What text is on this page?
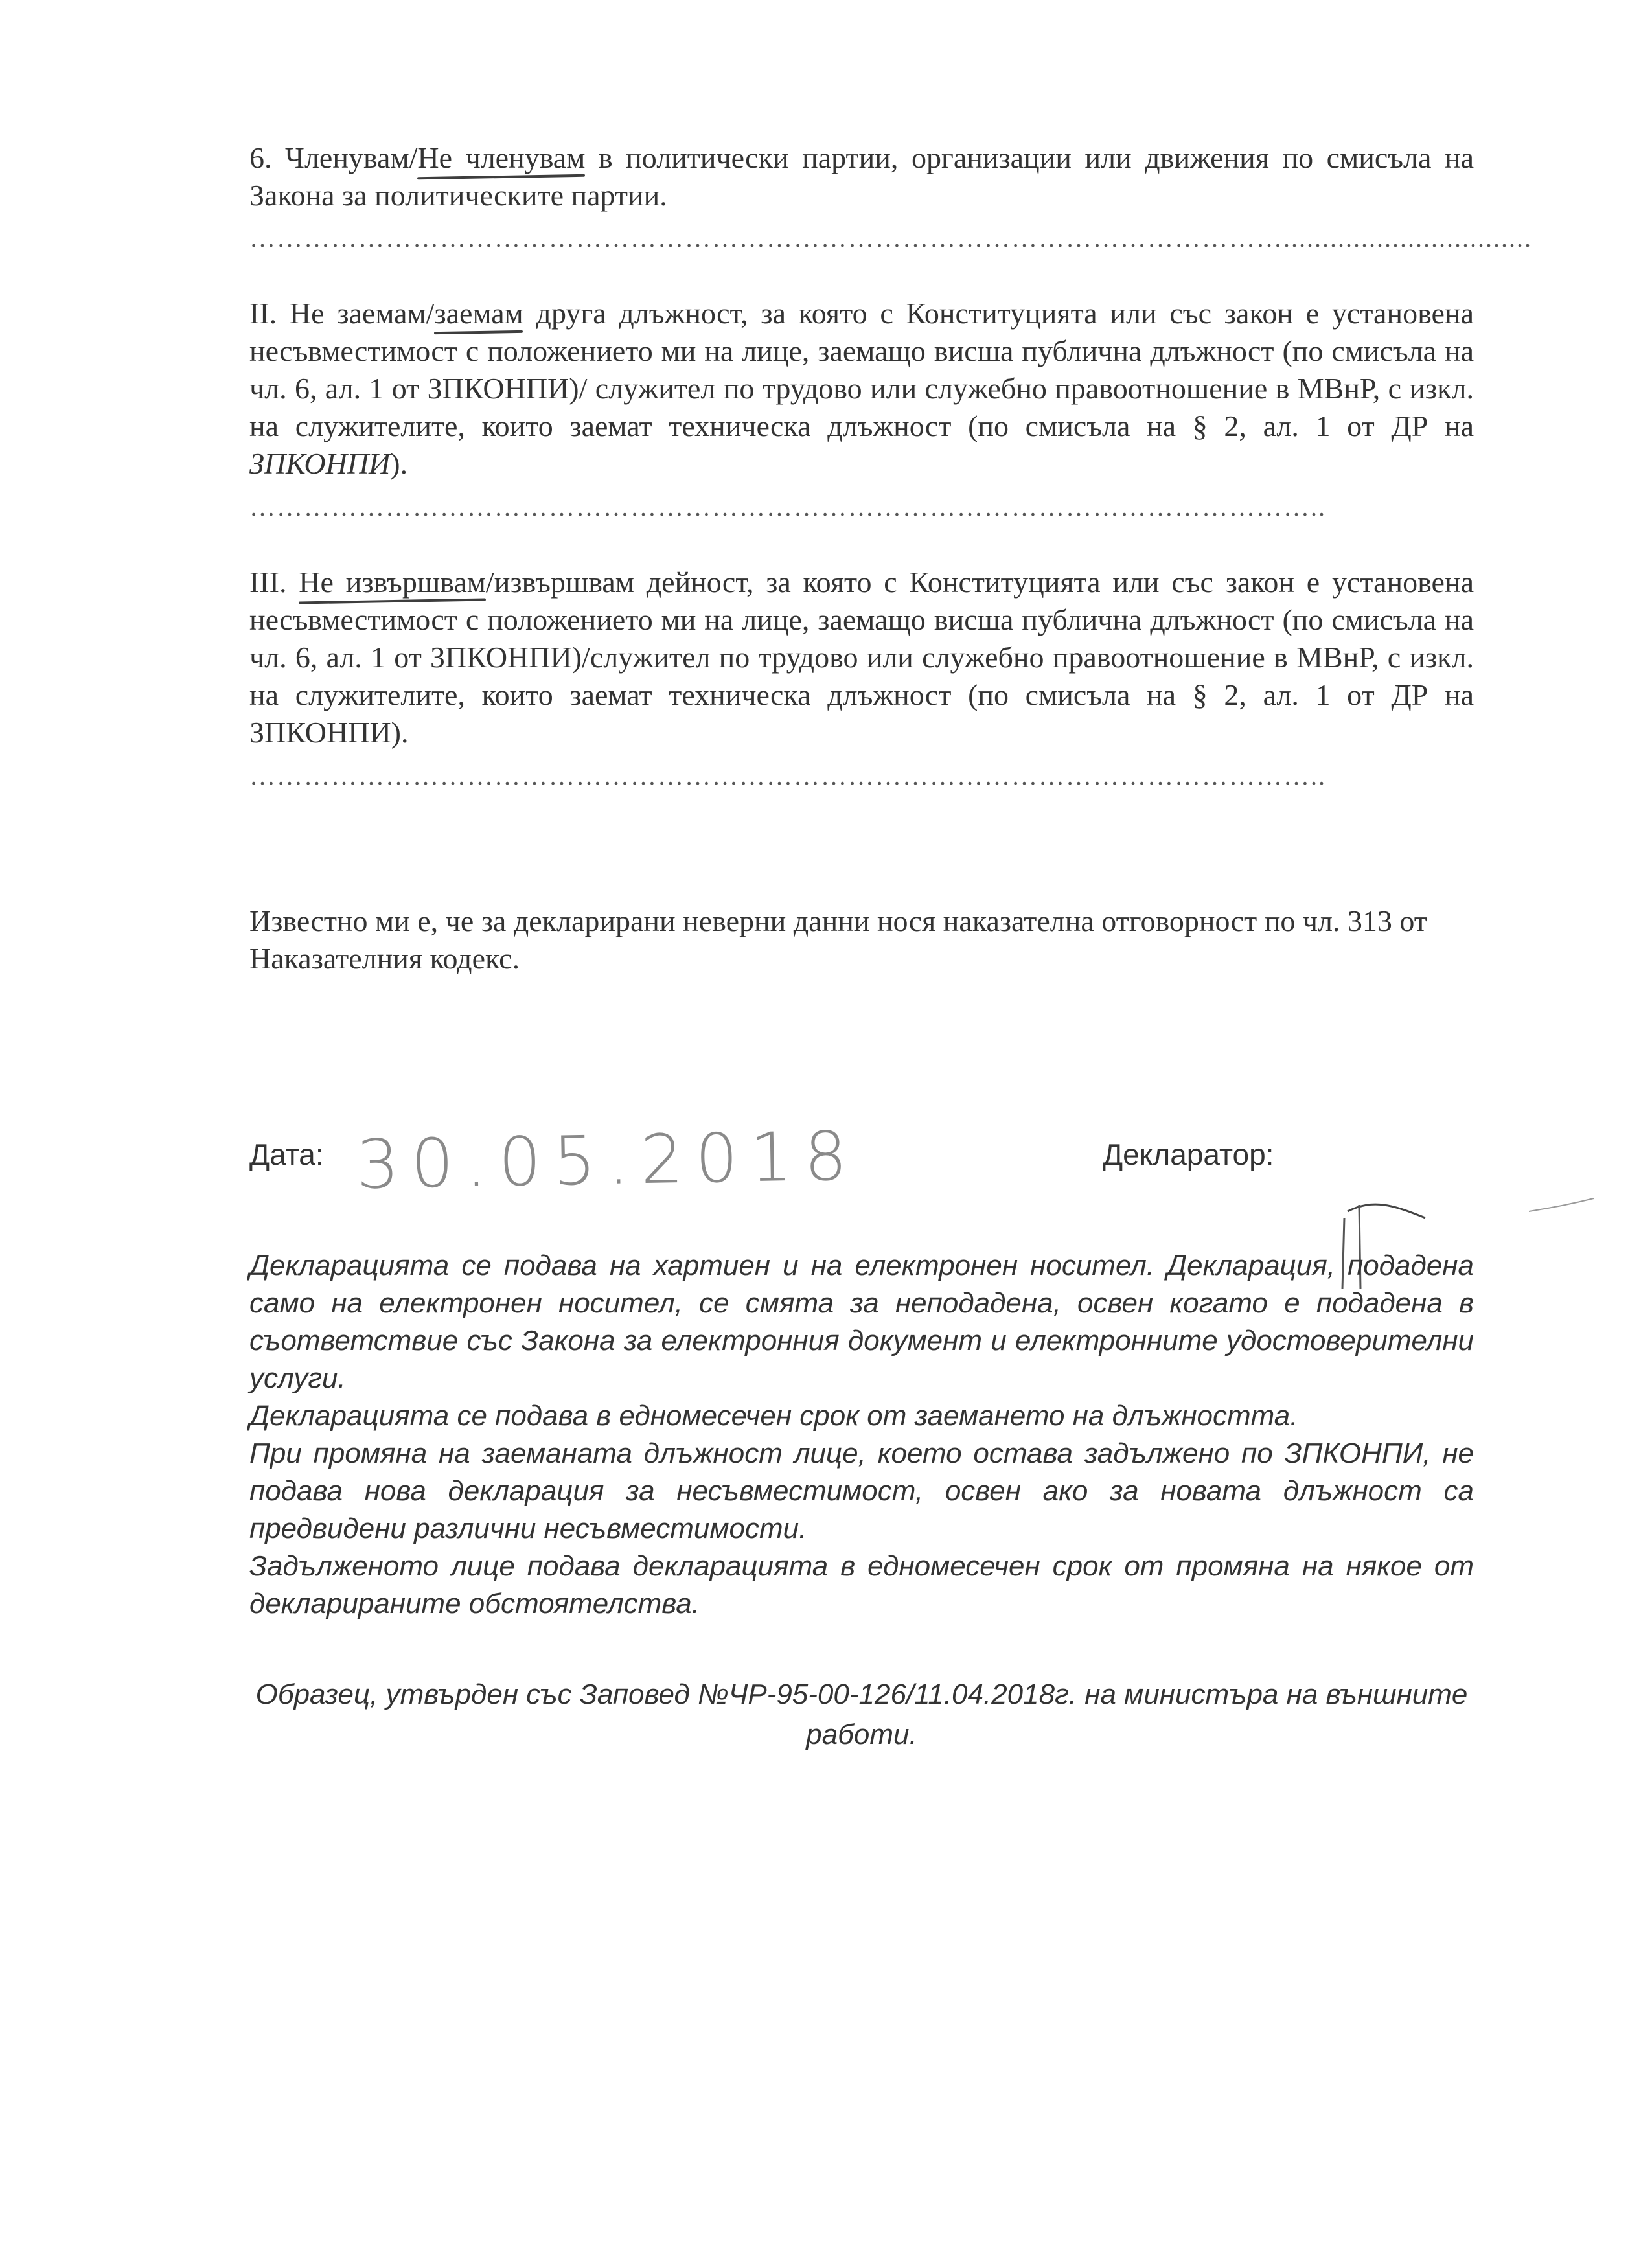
6. Членувам/Не членувам в политически партии, организации или движения по смисъла на Закона за политическите партии.
……………………………………………………………………………………………………................................
II. Не заемам/заемам друга длъжност, за която с Конституцията или със закон е установена несъвместимост с положението ми на лице, заемащо висша публична длъжност (по смисъла на чл. 6, ал. 1 от ЗПКОНПИ)/ служител по трудово или служебно правоотношение в МВнР, с изкл. на служителите, които заемат техническа длъжност (по смисъла на § 2, ал. 1 от ДР на ЗПКОНПИ).
………………………………………………………………………………………………………..
III. Не извършвам/извършвам дейност, за която с Конституцията или със закон е установена несъвместимост с положението ми на лице, заемащо висша публична длъжност (по смисъла на чл. 6, ал. 1 от ЗПКОНПИ)/служител по трудово или служебно правоотношение в МВнР, с изкл. на служителите, които заемат техническа длъжност (по смисъла на § 2, ал. 1 от ДР на ЗПКОНПИ).
………………………………………………………………………………………………………..
Известно ми е, че за декларирани неверни данни нося наказателна отговорност по чл. 313 от Наказателния кодекс.
Дата: 30.05.2018	Декларатор:

Декларацията се подава на хартиен и на електронен носител. Декларация, подадена само на електронен носител, се смята за неподадена, освен когато е подадена в съответствие със Закона за електронния документ и електронните удостоверителни услуги.

Декларацията се подава в едномесечен срок от заемането на длъжността.

При промяна на заеманата длъжност лице, което остава задължено по ЗПКОНПИ, не подава нова декларация за несъвместимост, освен ако за новата длъжност са предвидени различни несъвместимости.

Задълженото лице подава декларацията в едномесечен срок от промяна на някое от декларираните обстоятелства.

Образец, утвърден със Заповед №ЧР-95-00-126/11.04.2018г. на министъра на външните работи.
